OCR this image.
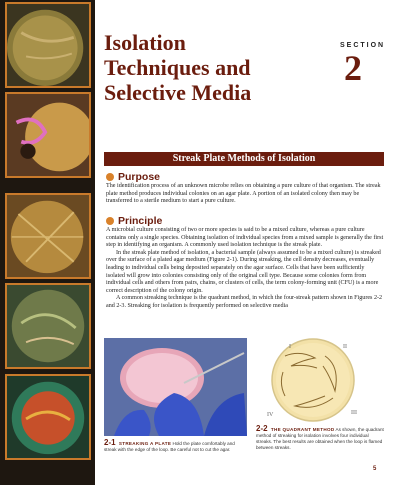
Isolation
Techniques and
Selective Media
SECTION
2
Streak Plate Methods of Isolation
Purpose

The identification process of an unknown microbe relies on obtaining a pure culture of that organism. The streak plate method produces individual colonies on an agar plate. A portion of an isolated colony then may be transferred to a sterile medium to start a pure culture.

Principle

A microbial culture consisting of two or more species is said to be a mixed culture, whereas a pure culture contains only a single species. Obtaining isolation of individual species from a mixed sample is generally the first step in identifying an organism. A commonly used isolation technique is the streak plate.

In the streak plate method of isolation, a bacterial sample (always assumed to be a mixed culture) is streaked over the surface of a plated agar medium (Figure 2-1). During streaking, the cell density decreases, eventually leading to individual cells being deposited separately on the agar surface. Cells that have been sufficiently isolated will grow into colonies consisting only of the original cell type. Because some colonies form from individual cells and others from pairs, chains, or clusters of cells, the term colony-forming unit (CFU) is a more correct description of the colony origin.

A common streaking technique is the quadrant method, in which the four-streak pattern shown in Figures 2-2 and 2-3. Streaking for isolation is frequently performed on selective media

I	II
III
IV
2-1 STREAKING A PLATE Hold the plate comfortably and streak with the edge of the loop. Be careful not to cut the agar.
2-2 THE QUADRANT METHOD As shown, the quadrant method of streaking for isolation involves four individual streaks. The best results are obtained when the loop is flamed between streaks.
5
